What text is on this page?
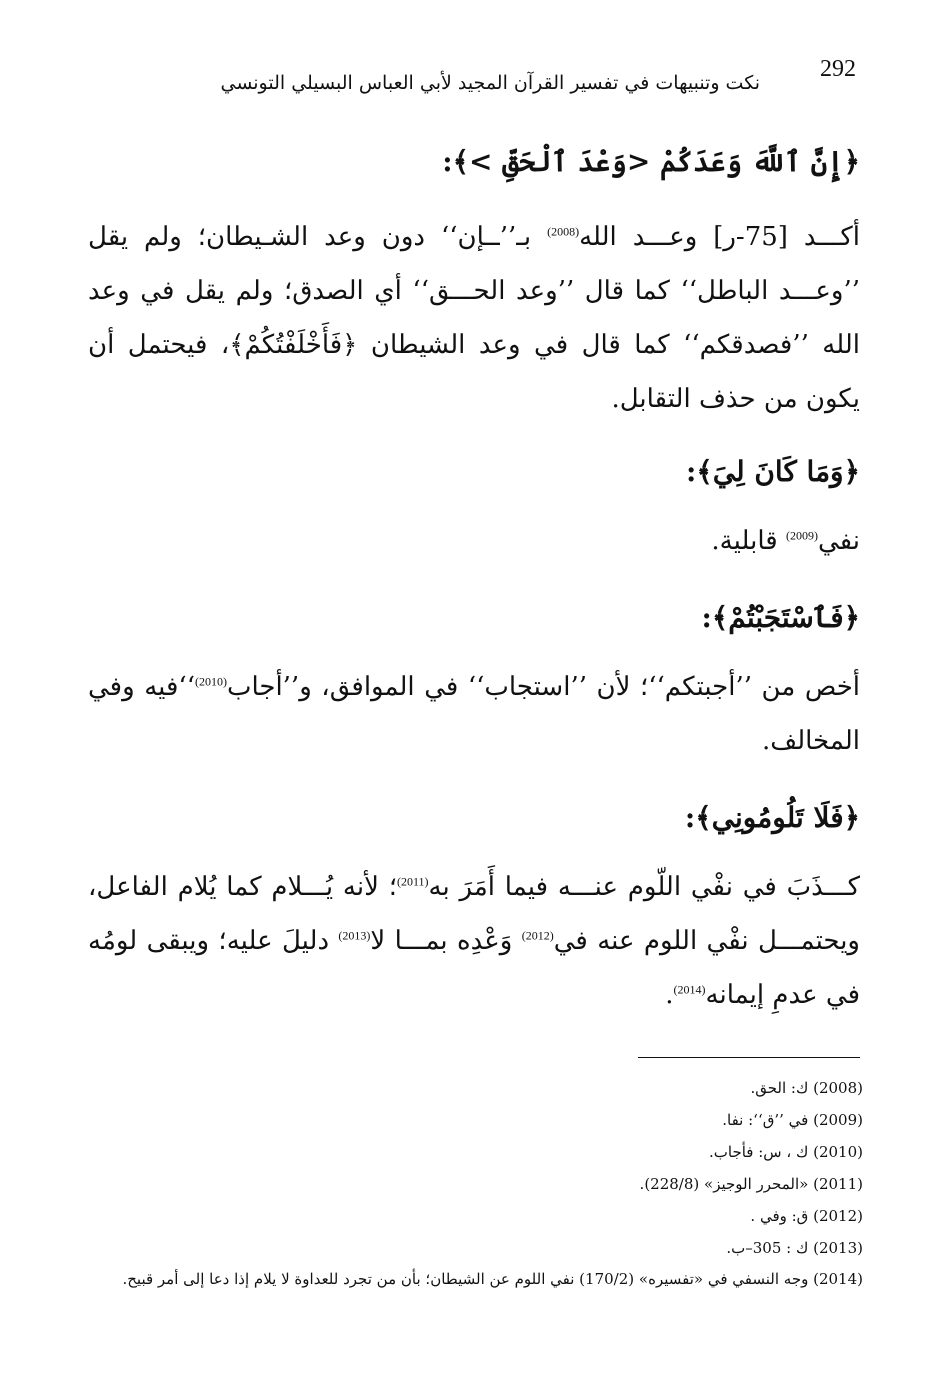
نكت وتنبيهات في تفسير القرآن المجيد لأبي العباس البسيلي التونسي
292
﴿إِنَّ ٱللَّهَ وَعَدَكُمْ <وَعْدَ ٱلْحَقِّ >﴾:
أكـــد [75-ر] وعـــد الله$^{(2008)}$ بـ’’ــإن‘‘ دون وعد الشـيطان؛ ولم يقل ’’وعـــد الباطل‘‘ كما قال ’’وعد الحـــق‘‘ أي الصدق؛ ولم يقل في وعد الله ’’فصدقكم‘‘ كما قال في وعد الشيطان ﴿فَأَخْلَفْتُكُمْ﴾، فيحتمل أن يكون من حذف التقابل.
﴿وَمَا كَانَ لِيَ﴾:
نفي$^{(2009)}$ قابلية.
﴿فَٱسْتَجَبْتُمْ﴾:
أخص من ’’أجبتكم‘‘؛ لأن ’’استجاب‘‘ في الموافق، و’’أجاب$^{(2010)}$‘‘فيه وفي المخالف.
﴿فَلَا تَلُومُونِي﴾:
كـــذَبَ في نفْي اللّوم عنـــه فيما أَمَرَ به$^{(2011)}$؛ لأنه يُـــلام كما يُلام الفاعل، ويحتمـــل نفْي اللوم عنه في$^{(2012)}$ وَعْدِه بمـــا لا$^{(2013)}$ دليلَ عليه؛ ويبقى لومُه في عدمِ إيمانه$^{(2014)}$.
(2008) ك: الحق.
(2009) في ’’ق‘‘: نفا.
(2010) ك ، س: فأجاب.
(2011) «المحرر الوجيز» (228/8).
(2012) ق: وفي .
(2013) ك : 305–ب.
(2014) وجه النسفي في «تفسيره» (170/2) نفي اللوم عن الشيطان؛ بأن من تجرد للعداوة لا يلام إذا دعا إلى أمر قبيح.
